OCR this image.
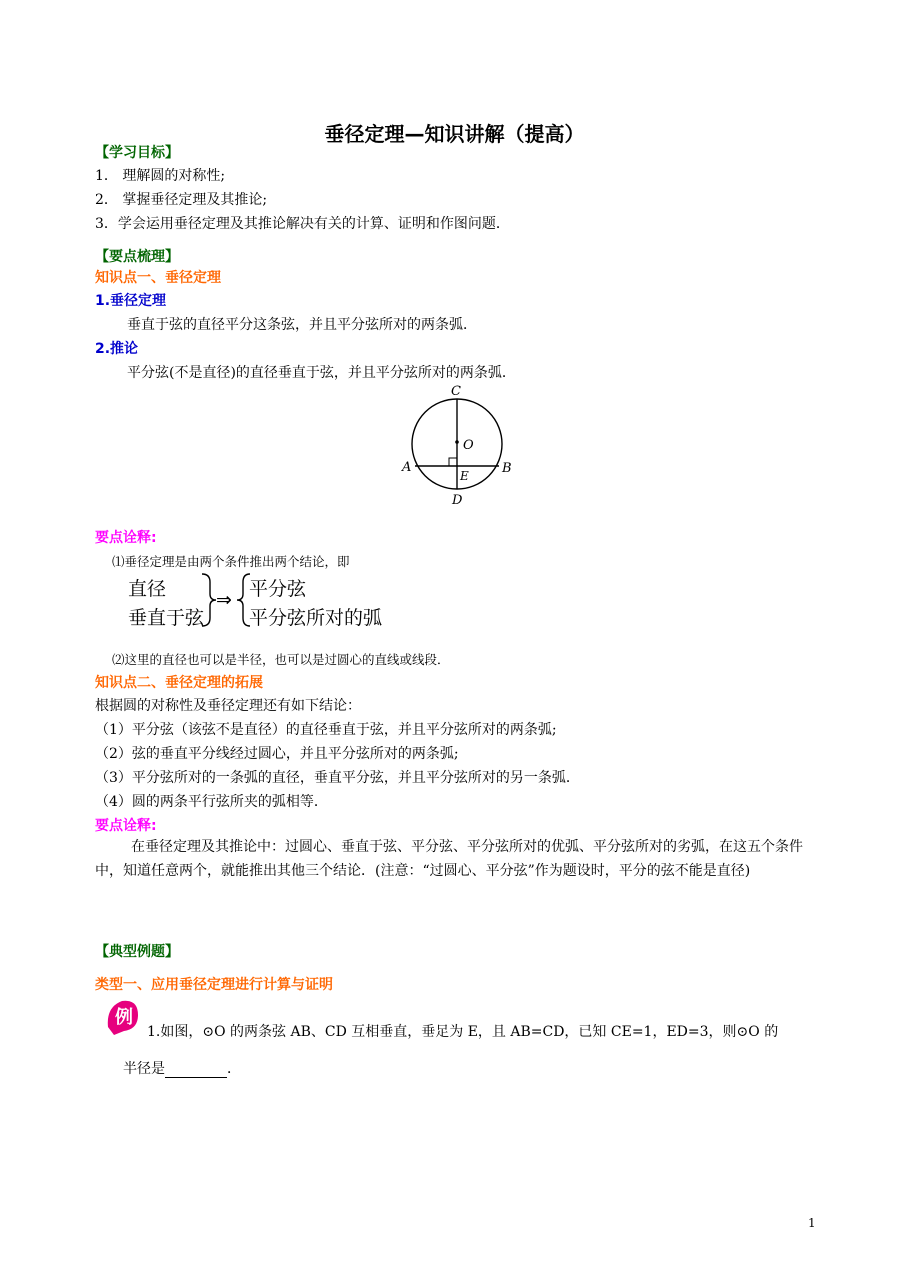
垂径定理—知识讲解（提高）
【学习目标】
1． 理解圆的对称性;
2． 掌握垂径定理及其推论;
3．学会运用垂径定理及其推论解决有关的计算、证明和作图问题．
【要点梳理】
知识点一、垂径定理
1.垂径定理
垂直于弦的直径平分这条弦，并且平分弦所对的两条弧．
2.推论
平分弦(不是直径)的直径垂直于弦，并且平分弦所对的两条弧．
C
O
A	B
E
D
要点诠释:
⑴垂径定理是由两个条件推出两个结论，即
直径
垂直于弦
⇒ 平分弦
平分弦所对的弧
⑵这里的直径也可以是半径，也可以是过圆心的直线或线段．
知识点二、垂径定理的拓展
根据圆的对称性及垂径定理还有如下结论：
（1）平分弦（该弦不是直径）的直径垂直于弦，并且平分弦所对的两条弧;
（2）弦的垂直平分线经过圆心，并且平分弦所对的两条弧;
（3）平分弦所对的一条弧的直径，垂直平分弦，并且平分弦所对的另一条弧．
（4）圆的两条平行弦所夹的弧相等．
要点诠释:
在垂径定理及其推论中：过圆心、垂直于弦、平分弦、平分弦所对的优弧、平分弦所对的劣弧，在这五个条件中，知道任意两个，就能推出其他三个结论．(注意：“过圆心、平分弦”作为题设时，平分的弦不能是直径)
【典型例题】
类型一、应用垂径定理进行计算与证明
例
1.如图，⊙O 的两条弦 AB、CD 互相垂直，垂足为 E，且 AB=CD，已知 CE=1，ED=3，则⊙O 的
半径是	．
1
